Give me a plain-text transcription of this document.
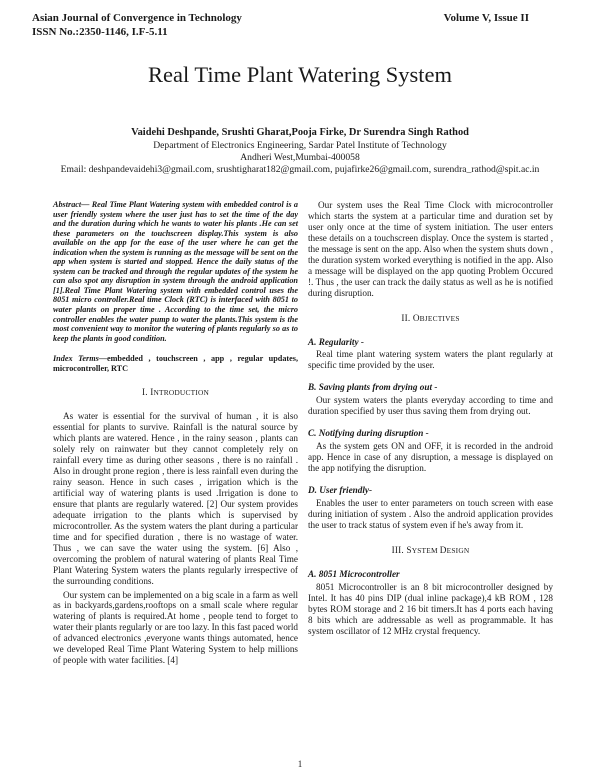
Asian Journal of Convergence in Technology
ISSN No.:2350-1146, I.F-5.11
Volume V, Issue II
Real Time Plant Watering System
Vaidehi Deshpande, Srushti Gharat,Pooja Firke, Dr Surendra Singh Rathod
Department of Electronics Engineering, Sardar Patel Institute of Technology
Andheri West,Mumbai-400058
Email: deshpandevaidehi3@gmail.com, srushtigharat182@gmail.com, pujafirke26@gmail.com, surendra_rathod@spit.ac.in
Abstract— Real Time Plant Watering system with embedded control is a user friendly system where the user just has to set the time of the day and the duration during which he wants to water his plants .He can set these parameters on the touchscreen display.This system is also available on the app for the ease of the user where he can get the indication when the system is running as the message will be sent on the app when system is started and stopped. Hence the daily status of the system can be tracked and through the regular updates of the system he can also spot any disruption in system through the android application [1].Real Time Plant Watering system with embedded control uses the 8051 micro controller.Real time Clock (RTC) is interfaced with 8051 to water plants on proper time . According to the time set, the micro controller enables the water pump to water the plants.This system is the most convenient way to monitor the watering of plants regularly so as to keep the plants in good condition.
Index Terms—embedded , touchscreen , app , regular updates, microcontroller, RTC
I. INTRODUCTION

As water is essential for the survival of human , it is also essential for plants to survive. Rainfall is the natural source by which plants are watered. Hence , in the rainy season , plants can solely rely on rainwater but they cannot completely rely on rainfall every time as during other seasons , there is no rainfall . Also in drought prone region , there is less rainfall even during the rainy season. Hence in such cases , irrigation which is the artificial way of watering plants is used .Irrigation is done to ensure that plants are regularly watered. [2] Our system provides adequate irrigation to the plants which is supervised by microcontroller. As the system waters the plant during a particular time and for specified duration , there is no wastage of water. Thus , we can save the water using the system. [6] Also , overcoming the problem of natural watering of plants Real Time Plant Watering System waters the plants regularly irrespective of the surrounding conditions.

Our system can be implemented on a big scale in a farm as well as in backyards,gardens,rooftops on a small scale where regular watering of plants is required.At home , people tend to forget to water their plants regularly or are too lazy. In this fast paced world of advanced electronics ,everyone wants things automated, hence we developed Real Time Plant Watering System to help millions of people with water facilities. [4]

Our system uses the Real Time Clock with microcontroller which starts the system at a particular time and duration set by user only once at the time of system initiation. The user enters these details on a touchscreen display. Once the system is started , the message is sent on the app. Also when the system shuts down , the duration system worked everything is notified in the app. Also a message will be displayed on the app quoting Problem Occured !. Thus , the user can track the daily status as well as he is notified during disruption.

II. OBJECTIVES
A. Regularity -

Real time plant watering system waters the plant regularly at specific time provided by the user.

B. Saving plants from drying out -

Our system waters the plants everyday according to time and duration specified by user thus saving them from drying out.

C. Notifying during disruption -

As the system gets ON and OFF, it is recorded in the android app. Hence in case of any disruption, a message is displayed on the app notifying the disruption.

D. User friendly-

Enables the user to enter parameters on touch screen with ease during initiation of system . Also the android application provides the user to track status of system even if he's away from it.

III. SYSTEM DESIGN
A. 8051 Microcontroller

8051 Microcontroller is an 8 bit microcontroller designed by Intel. It has 40 pins DIP (dual inline package),4 kB ROM , 128 bytes ROM storage and 2 16 bit timers.It has 4 ports each having 8 bits which are addressable as well as programmable. It has system oscillator of 12 MHz crystal frequency.

1
